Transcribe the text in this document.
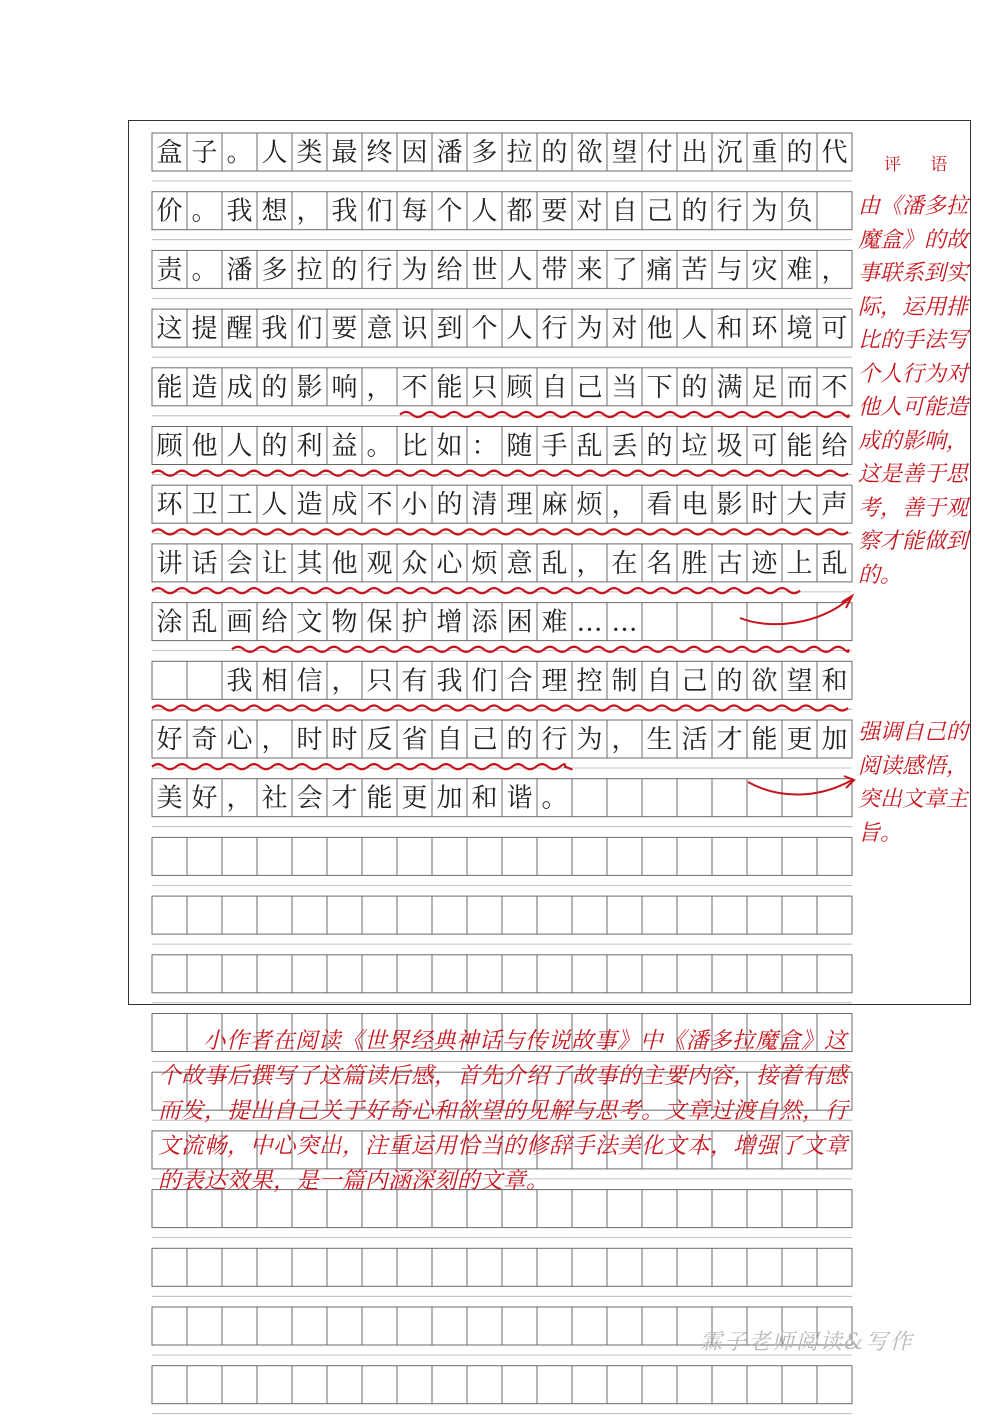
盒 子 。 人 类 最 终 因 潘 多 拉 的 欲 望 付 出 沉 重 的 代
价 。 我 想 ， 我 们 每 个 人 都 要 对 自 己 的 行 为 负
责 。 潘 多 拉 的 行 为 给 世 人 带 来 了 痛 苦 与 灾 难 ，
这 提 醒 我 们 要 意 识 到 个 人 行 为 对 他 人 和 环 境 可
能 造 成 的 影 响 ， 不 能 只 顾 自 己 当 下 的 满 足 而 不
顾 他 人 的 利 益 。 比 如 ： 随 手 乱 丢 的 垃 圾 可 能 给
环 卫 工 人 造 成 不 小 的 清 理 麻 烦 ， 看 电 影 时 大 声
讲 话 会 让 其 他 观 众 心 烦 意 乱 ， 在 名 胜 古 迹 上 乱
涂 乱 画 给 文 物 保 护 增 添 困 难 … …
我 相 信 ， 只 有 我 们 合 理 控 制 自 己 的 欲 望 和
好 奇 心 ， 时 时 反 省 自 己 的 行 为 ， 生 活 才 能 更 加
美 好 ， 社 会 才 能 更 加 和 谐 。
评 语
由《潘多拉魔盒》的故事联系到实际，运用排比的手法写个人行为对他人可能造成的影响，这是善于思考，善于观察才能做到的。
强调自己的阅读感悟，突出文章主旨。
小作者在阅读《世界经典神话与传说故事》中《潘多拉魔盒》这个故事后撰写了这篇读后感，首先介绍了故事的主要内容，接着有感而发，提出自己关于好奇心和欲望的见解与思考。文章过渡自然，行文流畅，中心突出，注重运用恰当的修辞手法美化文本，增强了文章的表达效果，是一篇内涵深刻的文章。
霖子老师阅读&写作
